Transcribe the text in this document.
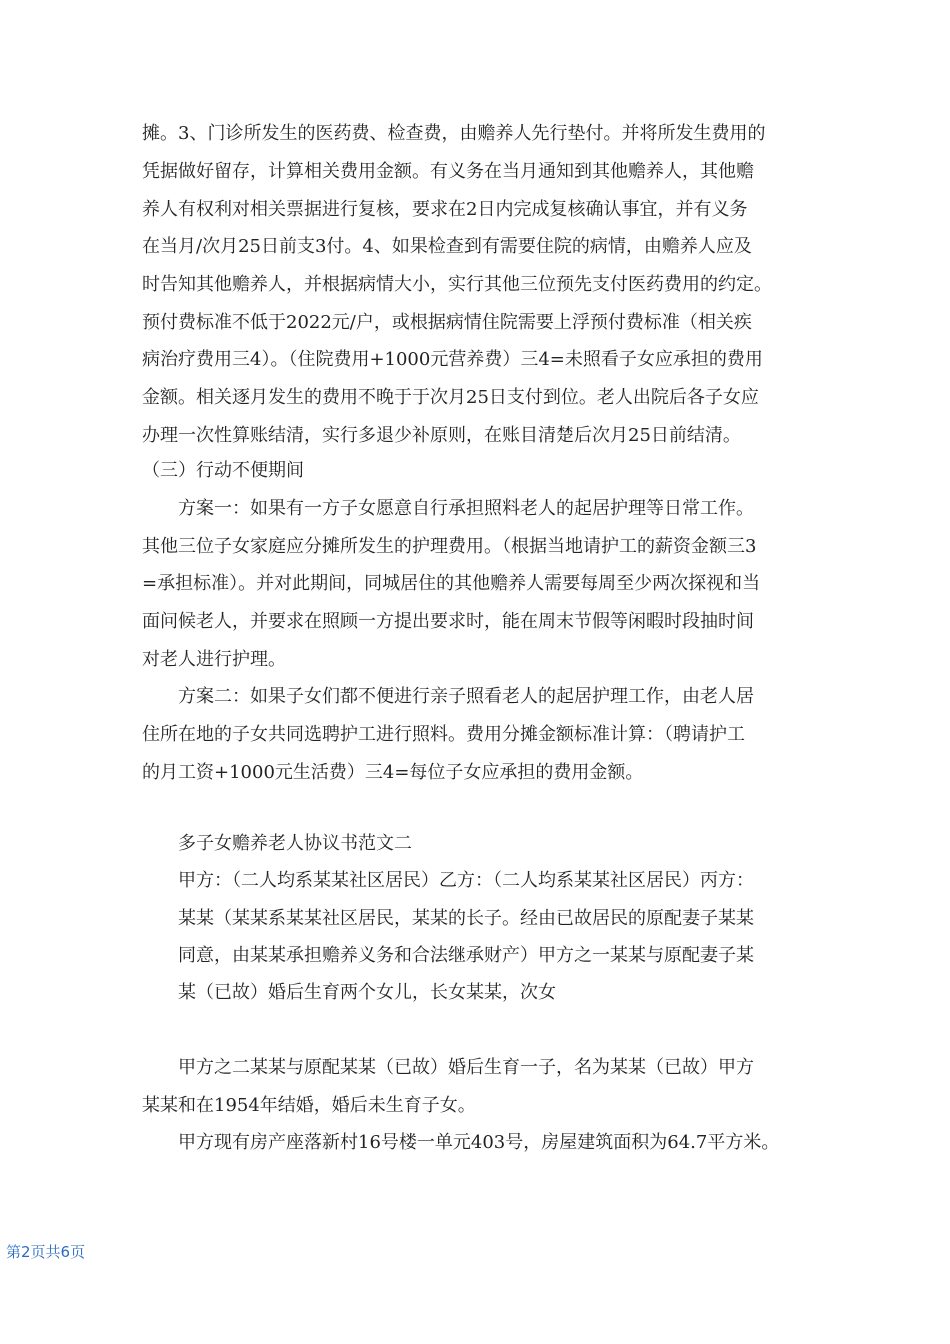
摊。3、门诊所发生的医药费、检查费，由赡养人先行垫付。并将所发生费用的
凭据做好留存，计算相关费用金额。有义务在当月通知到其他赡养人，其他赡
养人有权利对相关票据进行复核，要求在2日内完成复核确认事宜，并有义务
在当月/次月25日前支3付。4、如果检查到有需要住院的病情，由赡养人应及
时告知其他赡养人，并根据病情大小，实行其他三位预先支付医药费用的约定。
预付费标准不低于2022元/户，或根据病情住院需要上浮预付费标准（相关疾
病治疗费用三4）。（住院费用+1000元营养费）三4=未照看子女应承担的费用
金额。相关逐月发生的费用不晚于于次月25日支付到位。老人出院后各子女应
办理一次性算账结清，实行多退少补原则，在账目清楚后次月25日前结清。
（三）行动不便期间
方案一：如果有一方子女愿意自行承担照料老人的起居护理等日常工作。
其他三位子女家庭应分摊所发生的护理费用。（根据当地请护工的薪资金额三3
=承担标准）。并对此期间，同城居住的其他赡养人需要每周至少两次探视和当
面问候老人，并要求在照顾一方提出要求时，能在周末节假等闲暇时段抽时间
对老人进行护理。
方案二：如果子女们都不便进行亲子照看老人的起居护理工作，由老人居
住所在地的子女共同选聘护工进行照料。费用分摊金额标准计算：（聘请护工
的月工资+1000元生活费）三4=每位子女应承担的费用金额。
多子女赡养老人协议书范文二
甲方：（二人均系某某社区居民）乙方：（二人均系某某社区居民）丙方：
某某（某某系某某社区居民，某某的长子。经由已故居民的原配妻子某某
同意，由某某承担赡养义务和合法继承财产）甲方之一某某与原配妻子某
某（已故）婚后生育两个女儿，长女某某，次女
甲方之二某某与原配某某（已故）婚后生育一子，名为某某（已故）甲方
某某和在1954年结婚，婚后未生育子女。
甲方现有房产座落新村16号楼一单元403号，房屋建筑面积为64.7平方米。
第2页共6页
